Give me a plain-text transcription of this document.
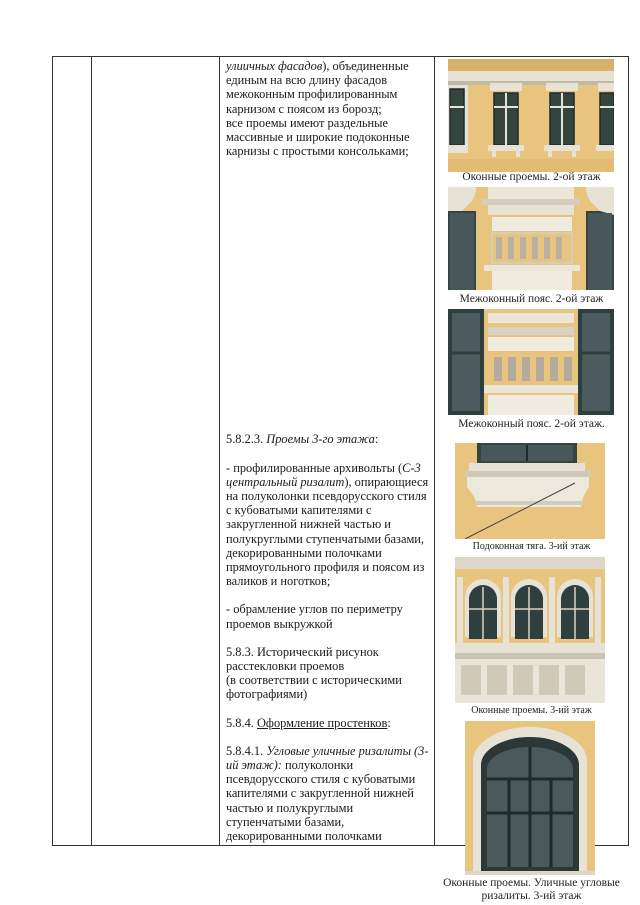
улиичных фасадов), объединенные единым на всю длину фасадов межоконным профилированным карнизом с поясом из борозд;

все проемы имеют раздельные массивные и широкие подоконные карнизы с простыми консольками;

5.8.2.3. Проемы 3-го этажа:

- профилированные архивольты (С-3 центральный ризалит), опирающиеся на полуколонки псевдорусского стиля с кубоватыми капителями с закругленной нижней частью и полукруглыми ступенчатыми базами, декорированными полочками прямоугольного профиля и поясом из валиков и ноготков;

- обрамление углов по периметру проемов выкружкой

5.8.3. Исторический рисунок расстекловки проемов

(в соответствии с историческими фотографиями)

5.8.4. Оформление простенков:

5.8.4.1. Угловые уличные ризалиты (3-ий этаж): полуколонки псевдорусского стиля с кубоватыми капителями с закругленной нижней частью и полукруглыми ступенчатыми базами, декорированными полочками

Оконные проемы. 2-ой этаж
Межоконный пояс. 2-ой этаж
Межоконный пояс. 2-ой этаж.
Подоконная тяга. 3-ий этаж
Оконные проемы. 3-ий этаж
Оконные проемы. Уличные угловые ризалиты. 3-ий этаж
